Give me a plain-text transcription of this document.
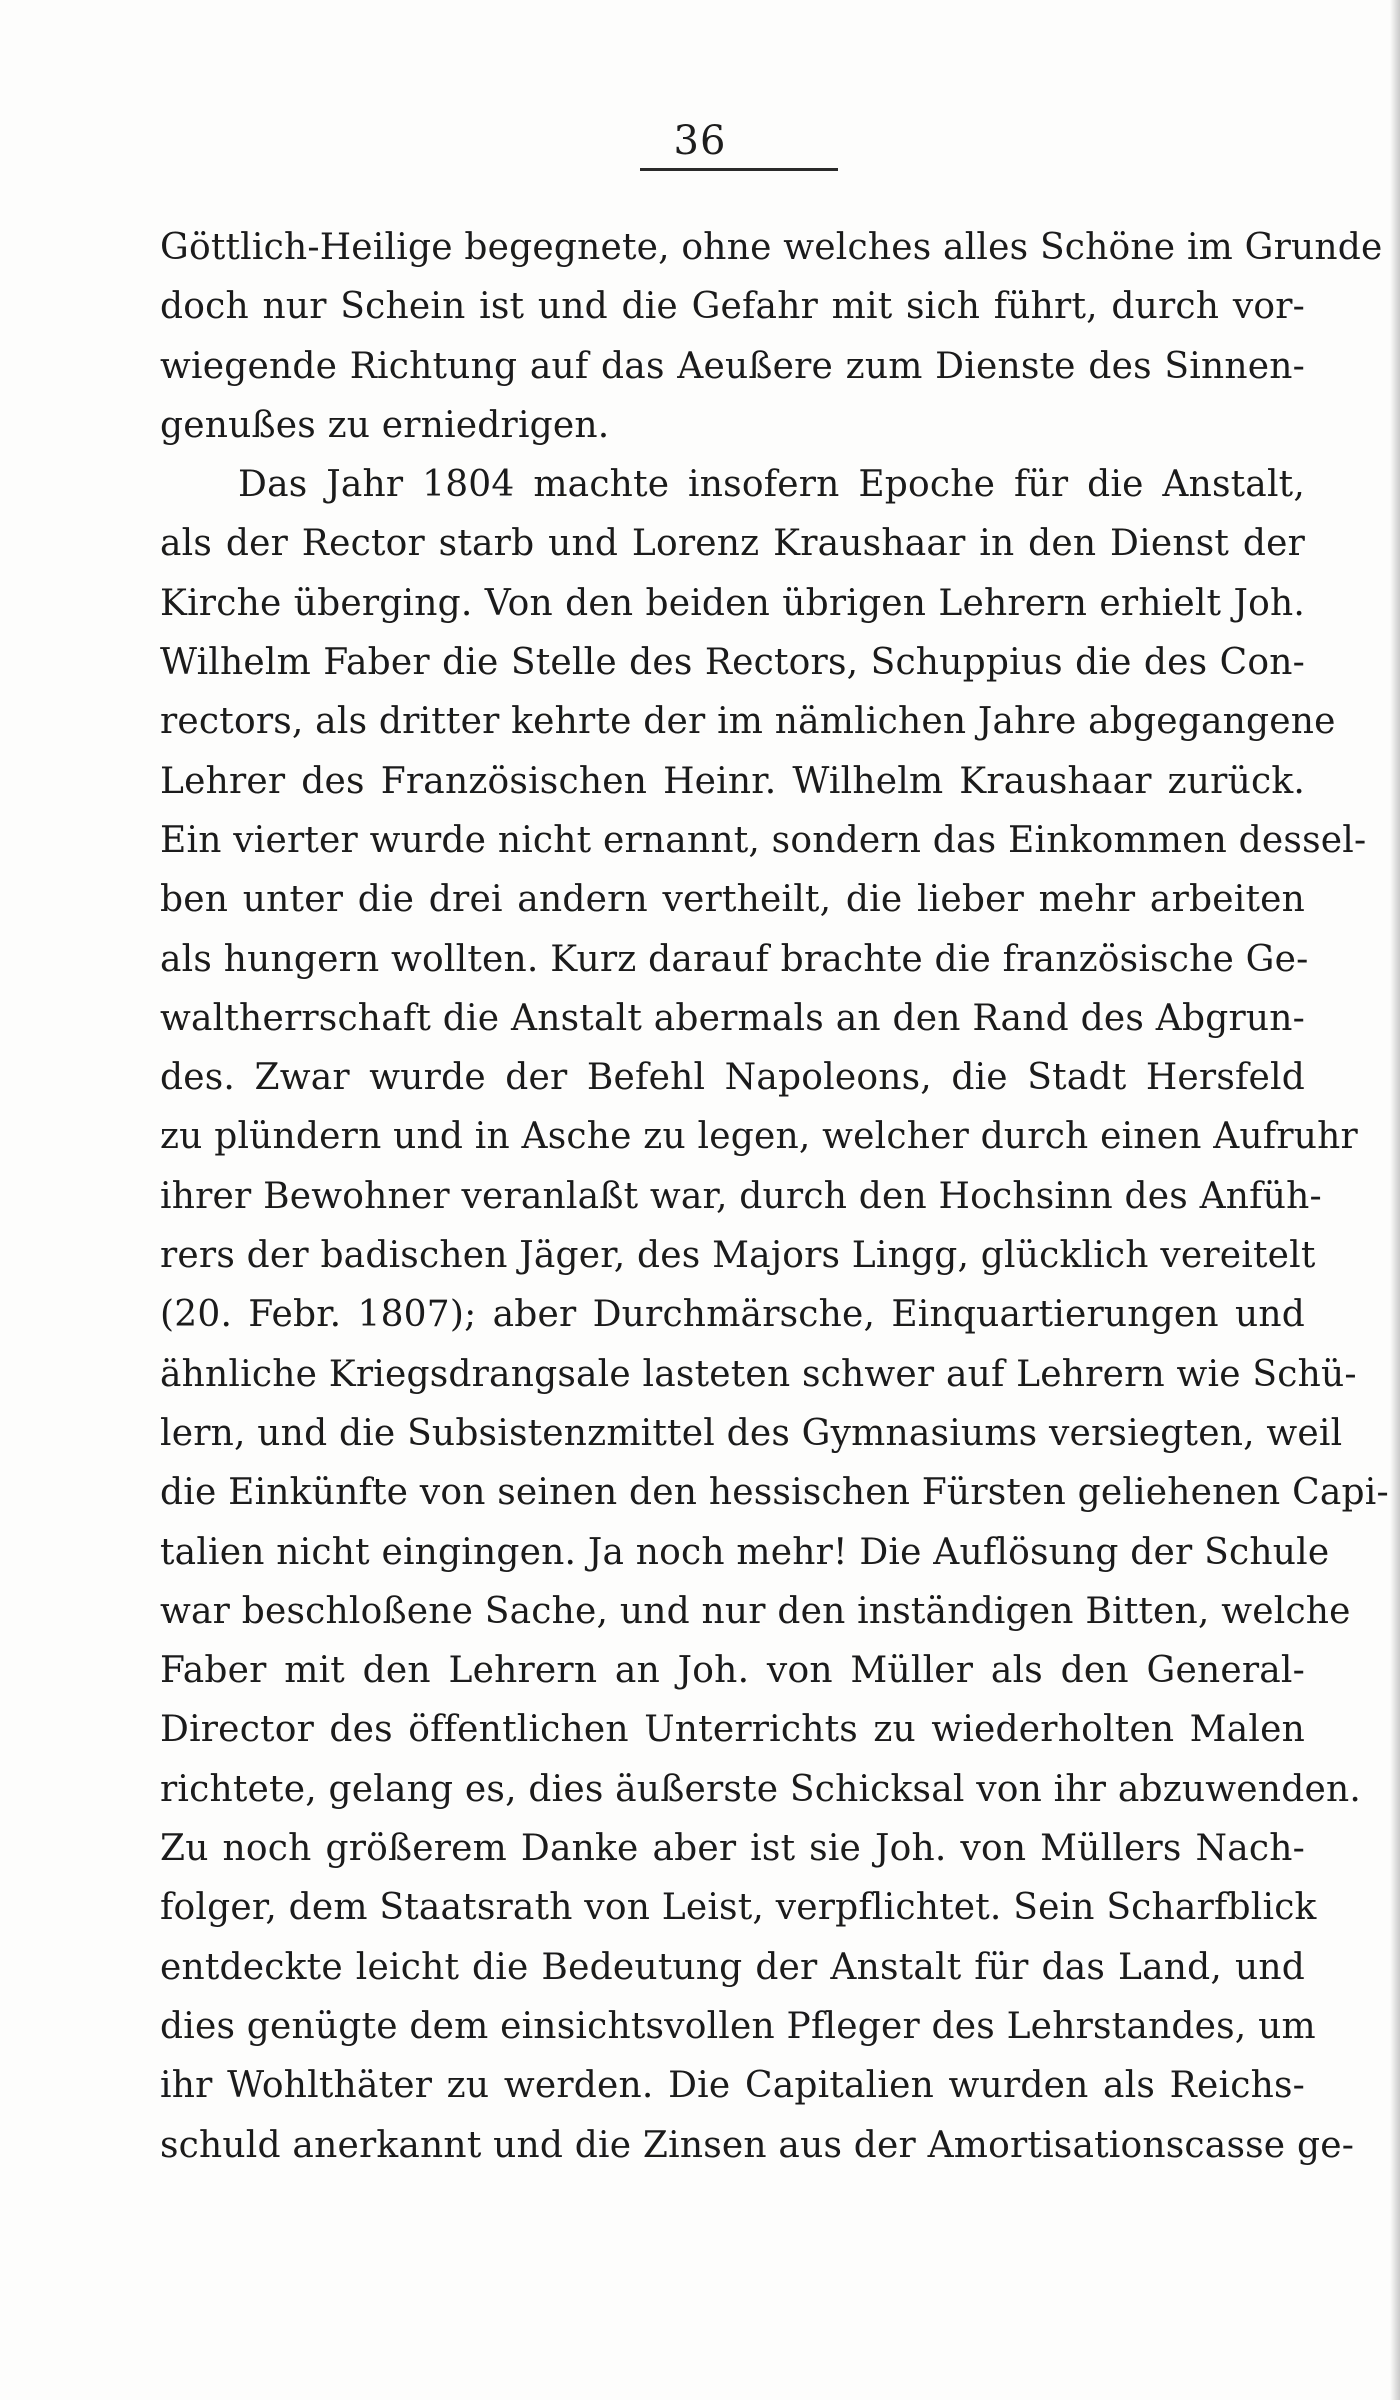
36
Göttlich-Heilige begegnete, ohne welches alles Schöne im Grunde
doch nur Schein ist und die Gefahr mit sich führt, durch vor-
wiegende Richtung auf das Aeußere zum Dienste des Sinnen-
genußes zu erniedrigen.
Das Jahr 1804 machte insofern Epoche für die Anstalt,
als der Rector starb und Lorenz Kraushaar in den Dienst der
Kirche überging. Von den beiden übrigen Lehrern erhielt Joh.
Wilhelm Faber die Stelle des Rectors, Schuppius die des Con-
rectors, als dritter kehrte der im nämlichen Jahre abgegangene
Lehrer des Französischen Heinr. Wilhelm Kraushaar zurück.
Ein vierter wurde nicht ernannt, sondern das Einkommen dessel-
ben unter die drei andern vertheilt, die lieber mehr arbeiten
als hungern wollten. Kurz darauf brachte die französische Ge-
waltherrschaft die Anstalt abermals an den Rand des Abgrun-
des. Zwar wurde der Befehl Napoleons, die Stadt Hersfeld
zu plündern und in Asche zu legen, welcher durch einen Aufruhr
ihrer Bewohner veranlaßt war, durch den Hochsinn des Anfüh-
rers der badischen Jäger, des Majors Lingg, glücklich vereitelt
(20. Febr. 1807); aber Durchmärsche, Einquartierungen und
ähnliche Kriegsdrangsale lasteten schwer auf Lehrern wie Schü-
lern, und die Subsistenzmittel des Gymnasiums versiegten, weil
die Einkünfte von seinen den hessischen Fürsten geliehenen Capi-
talien nicht eingingen. Ja noch mehr! Die Auflösung der Schule
war beschloßene Sache, und nur den inständigen Bitten, welche
Faber mit den Lehrern an Joh. von Müller als den General-
Director des öffentlichen Unterrichts zu wiederholten Malen
richtete, gelang es, dies äußerste Schicksal von ihr abzuwenden.
Zu noch größerem Danke aber ist sie Joh. von Müllers Nach-
folger, dem Staatsrath von Leist, verpflichtet. Sein Scharfblick
entdeckte leicht die Bedeutung der Anstalt für das Land, und
dies genügte dem einsichtsvollen Pfleger des Lehrstandes, um
ihr Wohlthäter zu werden. Die Capitalien wurden als Reichs-
schuld anerkannt und die Zinsen aus der Amortisationscasse ge-
